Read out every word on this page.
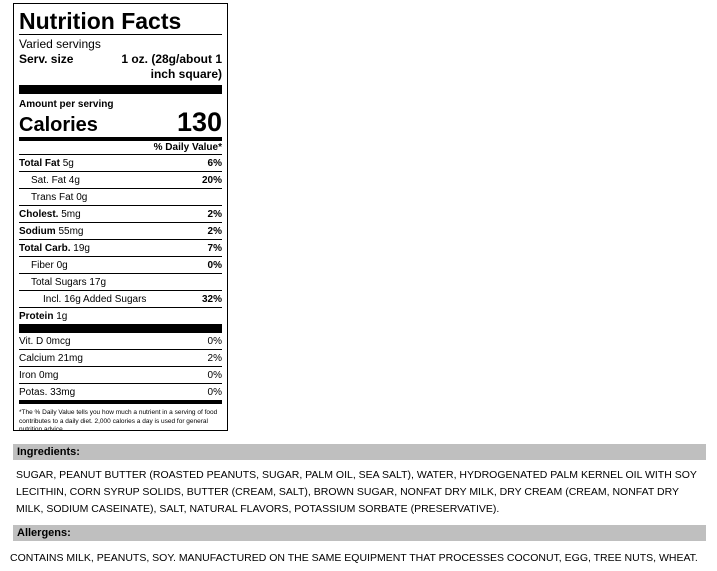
Nutrition Facts
Varied servings
Serv. size	1 oz. (28g/about 1 inch square)
Amount per serving
Calories	130
% Daily Value*
Total Fat 5g	6%
Sat. Fat 4g	20%
Trans Fat 0g
Cholest. 5mg	2%
Sodium 55mg	2%
Total Carb. 19g	7%
Fiber 0g	0%
Total Sugars 17g
Incl. 16g Added Sugars	32%
Protein 1g
Vit. D 0mcg	0%
Calcium 21mg	2%
Iron 0mg	0%
Potas. 33mg	0%
*The % Daily Value tells you how much a nutrient in a serving of food contributes to a daily diet. 2,000 calories a day is used for general nutrition advice.
Ingredients:
SUGAR, PEANUT BUTTER (ROASTED PEANUTS, SUGAR, PALM OIL, SEA SALT), WATER, HYDROGENATED PALM KERNEL OIL WITH SOY LECITHIN, CORN SYRUP SOLIDS, BUTTER (CREAM, SALT), BROWN SUGAR, NONFAT DRY MILK, DRY CREAM (CREAM, NONFAT DRY MILK, SODIUM CASEINATE), SALT, NATURAL FLAVORS, POTASSIUM SORBATE (PRESERVATIVE).
Allergens:
CONTAINS MILK, PEANUTS, SOY. MANUFACTURED ON THE SAME EQUIPMENT THAT PROCESSES COCONUT, EGG, TREE NUTS, WHEAT.
